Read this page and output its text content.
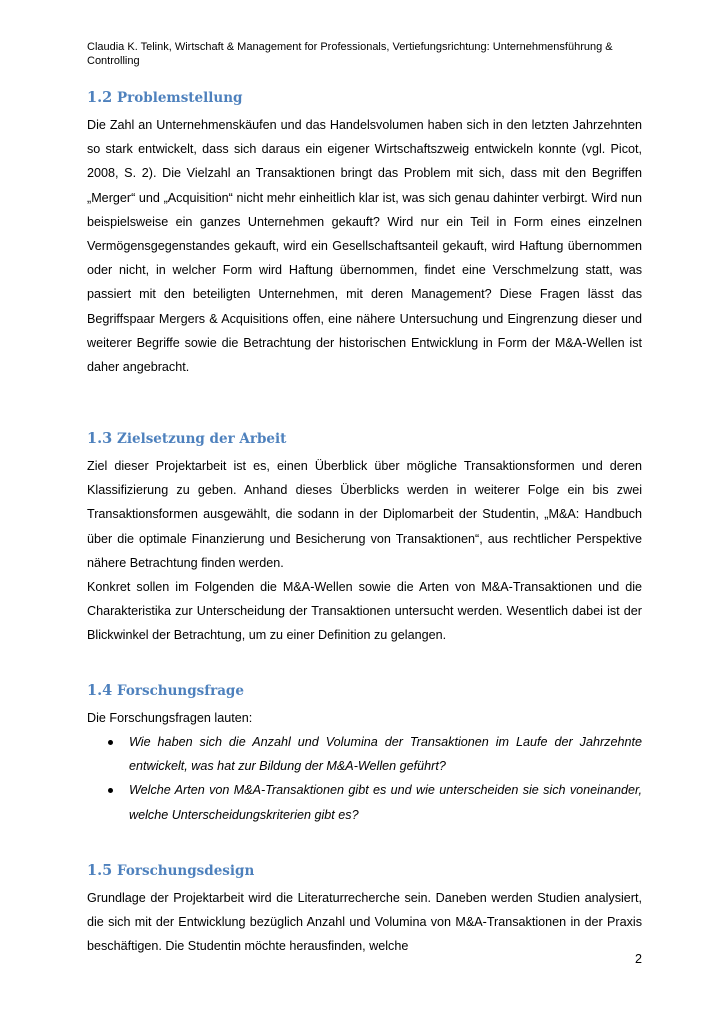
Claudia K. Telink, Wirtschaft & Management for Professionals, Vertiefungsrichtung: Unternehmensführung & Controlling
1.2 Problemstellung

Die Zahl an Unternehmenskäufen und das Handelsvolumen haben sich in den letzten Jahrzehnten so stark entwickelt, dass sich daraus ein eigener Wirtschaftszweig entwickeln konnte (vgl. Picot, 2008, S. 2). Die Vielzahl an Transaktionen bringt das Problem mit sich, dass mit den Begriffen „Merger“ und „Acquisition“ nicht mehr einheitlich klar ist, was sich genau dahinter verbirgt. Wird nun beispielsweise ein ganzes Unternehmen gekauft? Wird nur ein Teil in Form eines einzelnen Vermögensgegenstandes gekauft, wird ein Gesellschaftsanteil gekauft, wird Haftung übernommen oder nicht, in welcher Form wird Haftung übernommen, findet eine Verschmelzung statt, was passiert mit den beteiligten Unternehmen, mit deren Management? Diese Fragen lässt das Begriffspaar Mergers & Acquisitions offen, eine nähere Untersuchung und Eingrenzung dieser und weiterer Begriffe sowie die Betrachtung der historischen Entwicklung in Form der M&A-Wellen ist daher angebracht.

1.3 Zielsetzung der Arbeit

Ziel dieser Projektarbeit ist es, einen Überblick über mögliche Transaktionsformen und deren Klassifizierung zu geben. Anhand dieses Überblicks werden in weiterer Folge ein bis zwei Transaktionsformen ausgewählt, die sodann in der Diplomarbeit der Studentin, „M&A: Handbuch über die optimale Finanzierung und Besicherung von Transaktionen“, aus rechtlicher Perspektive nähere Betrachtung finden werden.

Konkret sollen im Folgenden die M&A-Wellen sowie die Arten von M&A-Transaktionen und die Charakteristika zur Unterscheidung der Transaktionen untersucht werden. Wesentlich dabei ist der Blickwinkel der Betrachtung, um zu einer Definition zu gelangen.

1.4 Forschungsfrage

Die Forschungsfragen lauten:

Wie haben sich die Anzahl und Volumina der Transaktionen im Laufe der Jahrzehnte entwickelt, was hat zur Bildung der M&A-Wellen geführt?
Welche Arten von M&A-Transaktionen gibt es und wie unterscheiden sie sich voneinander, welche Unterscheidungskriterien gibt es?
1.5 Forschungsdesign

Grundlage der Projektarbeit wird die Literaturrecherche sein. Daneben werden Studien analysiert, die sich mit der Entwicklung bezüglich Anzahl und Volumina von M&A-Transaktionen in der Praxis beschäftigen. Die Studentin möchte herausfinden, welche

2
